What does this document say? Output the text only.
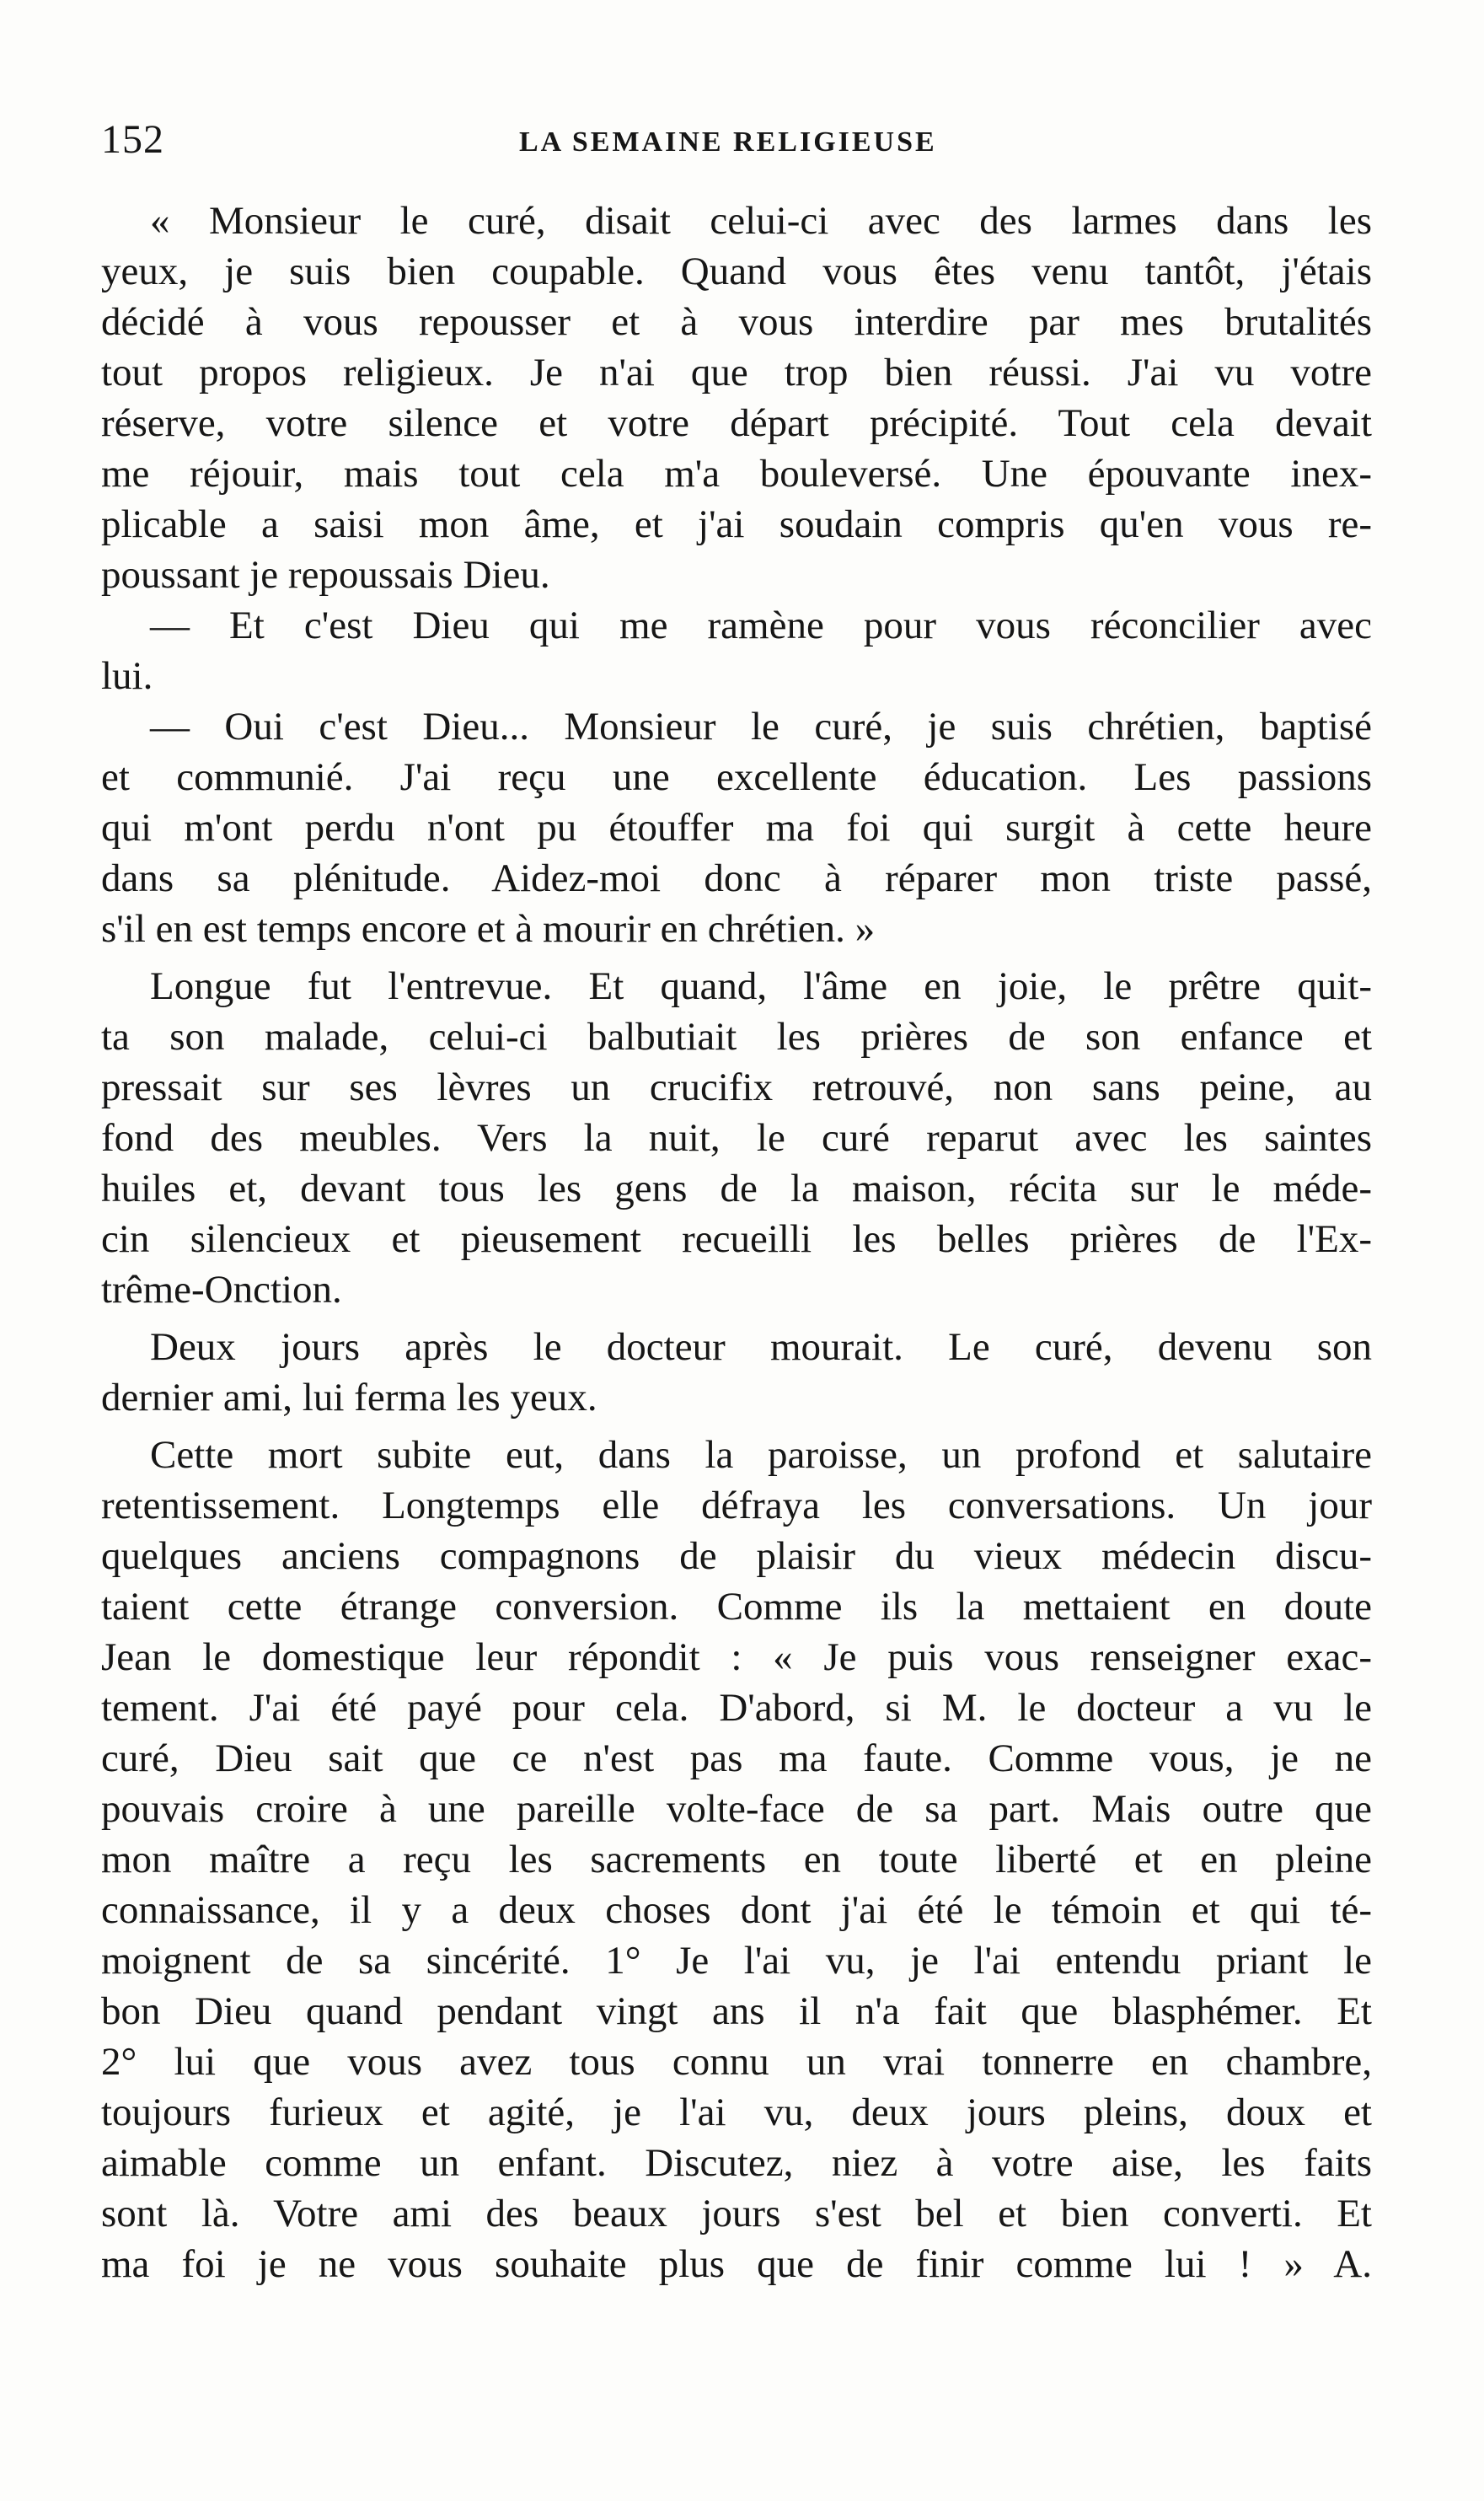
152	LA SEMAINE RELIGIEUSE
« Monsieur le curé, disait celui-ci avec des larmes dans les
yeux, je suis bien coupable. Quand vous êtes venu tantôt, j'étais
décidé à vous repousser et à vous interdire par mes brutalités
tout propos religieux. Je n'ai que trop bien réussi. J'ai vu votre
réserve, votre silence et votre départ précipité. Tout cela devait
me réjouir, mais tout cela m'a bouleversé. Une épouvante inex-
plicable a saisi mon âme, et j'ai soudain compris qu'en vous re-
poussant je repoussais Dieu.
— Et c'est Dieu qui me ramène pour vous réconcilier avec
lui.
— Oui c'est Dieu... Monsieur le curé, je suis chrétien, baptisé
et communié. J'ai reçu une excellente éducation. Les passions
qui m'ont perdu n'ont pu étouffer ma foi qui surgit à cette heure
dans sa plénitude. Aidez-moi donc à réparer mon triste passé,
s'il en est temps encore et à mourir en chrétien. »
Longue fut l'entrevue. Et quand, l'âme en joie, le prêtre quit-
ta son malade, celui-ci balbutiait les prières de son enfance et
pressait sur ses lèvres un crucifix retrouvé, non sans peine, au
fond des meubles. Vers la nuit, le curé reparut avec les saintes
huiles et, devant tous les gens de la maison, récita sur le méde-
cin silencieux et pieusement recueilli les belles prières de l'Ex-
trême-Onction.
Deux jours après le docteur mourait. Le curé, devenu son
dernier ami, lui ferma les yeux.
Cette mort subite eut, dans la paroisse, un profond et salutaire
retentissement. Longtemps elle défraya les conversations. Un jour
quelques anciens compagnons de plaisir du vieux médecin discu-
taient cette étrange conversion. Comme ils la mettaient en doute
Jean le domestique leur répondit : « Je puis vous renseigner exac-
tement. J'ai été payé pour cela. D'abord, si M. le docteur a vu le
curé, Dieu sait que ce n'est pas ma faute. Comme vous, je ne
pouvais croire à une pareille volte-face de sa part. Mais outre que
mon maître a reçu les sacrements en toute liberté et en pleine
connaissance, il y a deux choses dont j'ai été le témoin et qui té-
moignent de sa sincérité. 1° Je l'ai vu, je l'ai entendu priant le
bon Dieu quand pendant vingt ans il n'a fait que blasphémer. Et
2° lui que vous avez tous connu un vrai tonnerre en chambre,
toujours furieux et agité, je l'ai vu, deux jours pleins, doux et
aimable comme un enfant. Discutez, niez à votre aise, les faits
sont là. Votre ami des beaux jours s'est bel et bien converti. Et
ma foi je ne vous souhaite plus que de finir comme lui ! » A.
